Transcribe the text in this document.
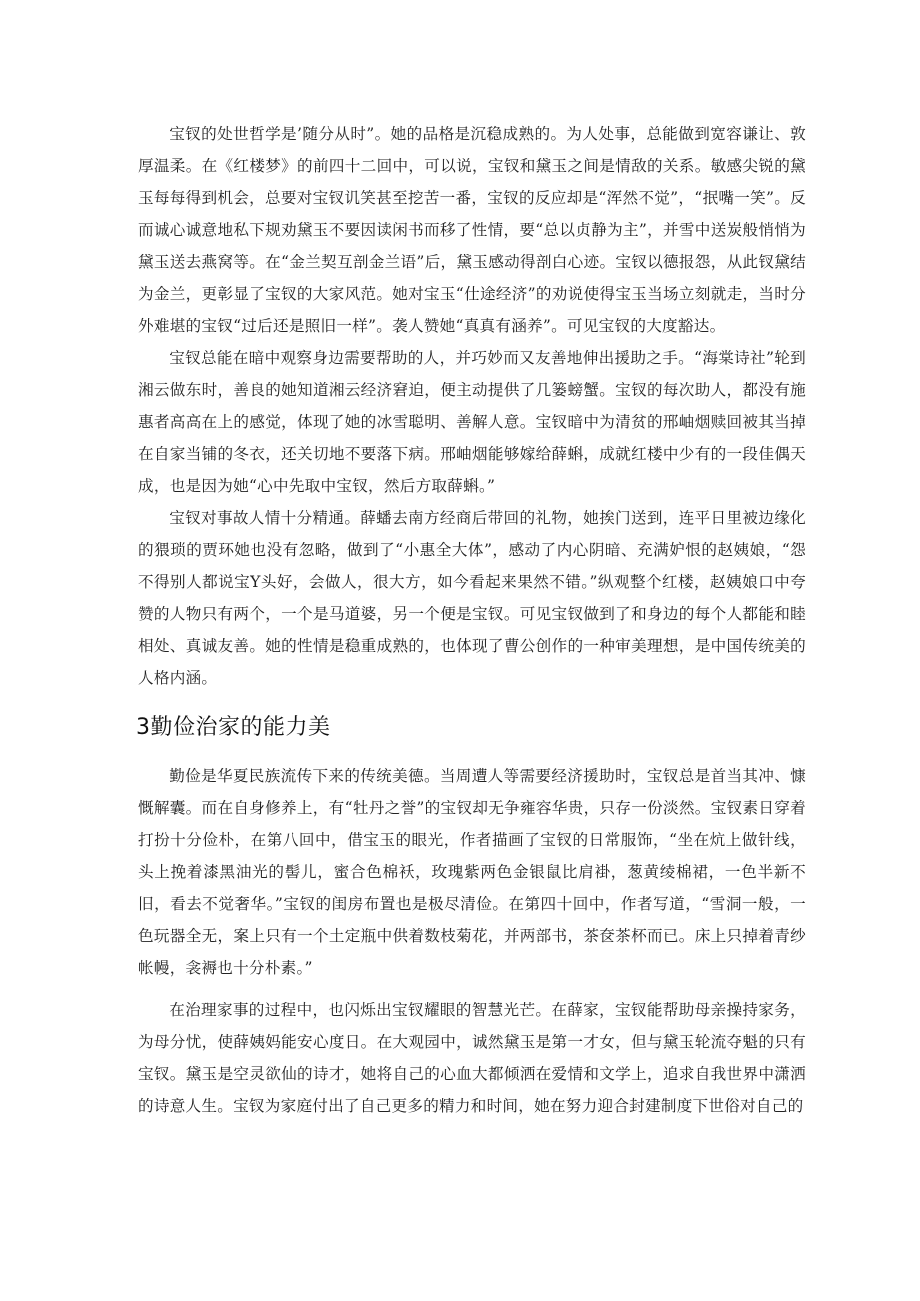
宝钗的处世哲学是’随分从时”。她的品格是沉稳成熟的。为人处事，总能做到宽容谦让、敦厚温柔。在《红楼梦》的前四十二回中，可以说，宝钗和黛玉之间是情敌的关系。敏感尖锐的黛玉每每得到机会，总要对宝钗讥笑甚至挖苦一番，宝钗的反应却是“浑然不觉”，“抿嘴一笑”。反而诚心诚意地私下规劝黛玉不要因读闲书而移了性情，要“总以贞静为主”，并雪中送炭般悄悄为黛玉送去燕窝等。在“金兰契互剖金兰语”后，黛玉感动得剖白心迹。宝钗以德报怨，从此钗黛结为金兰，更彰显了宝钗的大家风范。她对宝玉“仕途经济”的劝说使得宝玉当场立刻就走，当时分外难堪的宝钗“过后还是照旧一样”。袭人赞她“真真有涵养”。可见宝钗的大度豁达。

宝钗总能在暗中观察身边需要帮助的人，并巧妙而又友善地伸出援助之手。“海棠诗社”轮到湘云做东时，善良的她知道湘云经济窘迫，便主动提供了几篓螃蟹。宝钗的每次助人，都没有施惠者高高在上的感觉，体现了她的冰雪聪明、善解人意。宝钗暗中为清贫的邢岫烟赎回被其当掉在自家当铺的冬衣，还关切地不要落下病。邢岫烟能够嫁给薛蝌，成就红楼中少有的一段佳偶天成，也是因为她“心中先取中宝钗，然后方取薛蝌。”

宝钗对事故人情十分精通。薛蟠去南方经商后带回的礼物，她挨门送到，连平日里被边缘化的猥琐的贾环她也没有忽略，做到了“小惠全大体”，感动了内心阴暗、充满妒恨的赵姨娘，“怨不得别人都说宝Y头好，会做人，很大方，如今看起来果然不错。”纵观整个红楼，赵姨娘口中夸赞的人物只有两个，一个是马道婆，另一个便是宝钗。可见宝钗做到了和身边的每个人都能和睦相处、真诚友善。她的性情是稳重成熟的，也体现了曹公创作的一种审美理想，是中国传统美的人格内涵。

3勤俭治家的能力美

勤俭是华夏民族流传下来的传统美德。当周遭人等需要经济援助时，宝钗总是首当其冲、慷慨解囊。而在自身修养上，有“牡丹之誉”的宝钗却无争雍容华贵，只存一份淡然。宝钗素日穿着打扮十分俭朴，在第八回中，借宝玉的眼光，作者描画了宝钗的日常服饰，“坐在炕上做针线，头上挽着漆黑油光的髻儿，蜜合色棉袄，玫瑰紫两色金银鼠比肩褂，葱黄绫棉裙，一色半新不旧，看去不觉奢华。”宝钗的闺房布置也是极尽清俭。在第四十回中，作者写道，“雪洞一般，一色玩器全无，案上只有一个土定瓶中供着数枝菊花，并两部书，茶奁茶杯而已。床上只掉着青纱帐幔，衾褥也十分朴素。”

在治理家事的过程中，也闪烁出宝钗耀眼的智慧光芒。在薛家，宝钗能帮助母亲操持家务，为母分忧，使薛姨妈能安心度日。在大观园中，诚然黛玉是第一才女，但与黛玉轮流夺魁的只有宝钗。黛玉是空灵欲仙的诗才，她将自己的心血大都倾洒在爱情和文学上，追求自我世界中潇洒的诗意人生。宝钗为家庭付出了自己更多的精力和时间，她在努力迎合封建制度下世俗对自己的
